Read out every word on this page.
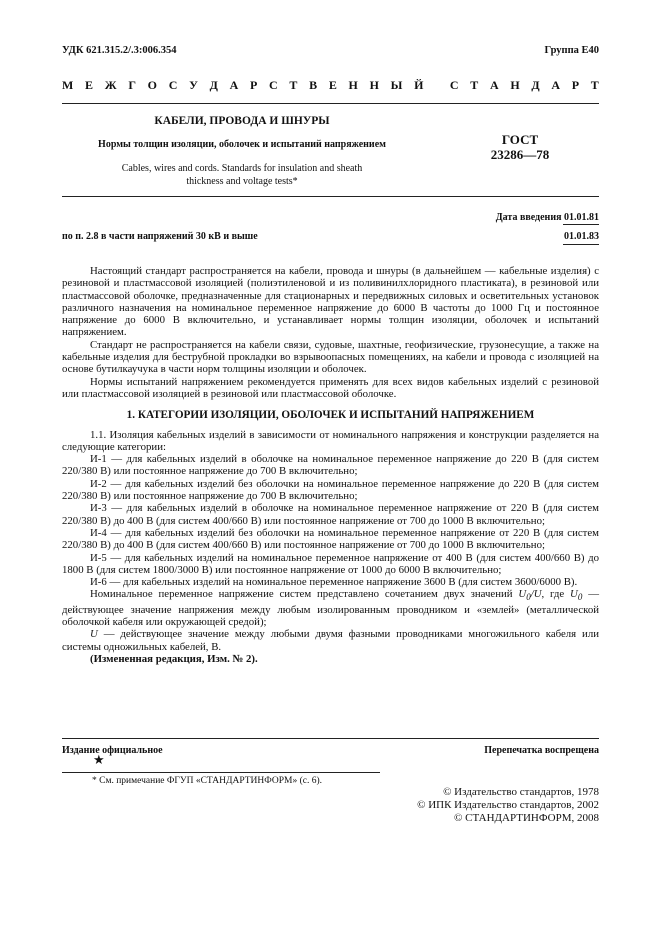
УДК 621.315.2/.3:006.354	Группа Е40
М Е Ж Г О С У Д А Р С Т В Е Н Н Ы Й
С Т А Н Д А Р Т
КАБЕЛИ, ПРОВОДА И ШНУРЫ
Нормы толщин изоляции, оболочек и испытаний напряжением
Cables, wires and cords. Standards for insulation and sheath
thickness and voltage tests*
ГОСТ
23286—78
Дата введения 01.01.81
по п. 2.8 в части напряжений 30 кВ и выше	01.01.83

Настоящий стандарт распространяется на кабели, провода и шнуры (в дальнейшем — кабельные изделия) с резиновой и пластмассовой изоляцией (полиэтиленовой и из поливинилхлоридного пластиката), в резиновой или пластмассовой оболочке, предназначенные для стационарных и передвижных силовых и осветительных установок различного назначения на номинальное переменное напряжение до 6000 В частоты до 1000 Гц и постоянное напряжение до 6000 В включительно, и устанавливает нормы толщин изоляции, оболочек и испытаний напряжением.

Стандарт не распространяется на кабели связи, судовые, шахтные, геофизические, грузонесущие, а также на кабельные изделия для беструбной прокладки во взрывоопасных помещениях, на кабели и провода с изоляцией на основе бутилкаучука в части норм толщины изоляции и оболочек.

Нормы испытаний напряжением рекомендуется применять для всех видов кабельных изделий с резиновой или пластмассовой изоляцией в резиновой или пластмассовой оболочке.

1. КАТЕГОРИИ ИЗОЛЯЦИИ, ОБОЛОЧЕК И ИСПЫТАНИЙ НАПРЯЖЕНИЕМ

1.1. Изоляция кабельных изделий в зависимости от номинального напряжения и конструкции разделяется на следующие категории:

И-1 — для кабельных изделий в оболочке на номинальное переменное напряжение до 220 В (для систем 220/380 В) или постоянное напряжение до 700 В включительно;

И-2 — для кабельных изделий без оболочки на номинальное переменное напряжение до 220 В (для систем 220/380 В) или постоянное напряжение до 700 В включительно;

И-3 — для кабельных изделий в оболочке на номинальное переменное напряжение от 220 В (для систем 220/380 В) до 400 В (для систем 400/660 В) или постоянное напряжение от 700 до 1000 В включительно;

И-4 — для кабельных изделий без оболочки на номинальное переменное напряжение от 220 В (для систем 220/380 В) до 400 В (для систем 400/660 В) или постоянное напряжение от 700 до 1000 В включительно;

И-5 — для кабельных изделий на номинальное переменное напряжение от 400 В (для систем 400/660 В) до 1800 В (для систем 1800/3000 В) или постоянное напряжение от 1000 до 6000 В включительно;

И-6 — для кабельных изделий на номинальное переменное напряжение 3600 В (для систем 3600/6000 В).

Номинальное переменное напряжение систем представлено сочетанием двух значений $U_0/U$, где $U_0$ — действующее значение напряжения между любым изолированным проводником и «землей» (металлической оболочкой кабеля или окружающей средой);

U — действующее значение между любыми двумя фазными проводниками многожильного кабеля или системы одножильных кабелей, В.

(Измененная редакция, Изм. № 2).

Издание официальное	Перепечатка воспрещена
★
* См. примечание ФГУП «СТАНДАРТИНФОРМ» (с. 6).
© Издательство стандартов, 1978
© ИПК Издательство стандартов, 2002
© СТАНДАРТИНФОРМ, 2008
